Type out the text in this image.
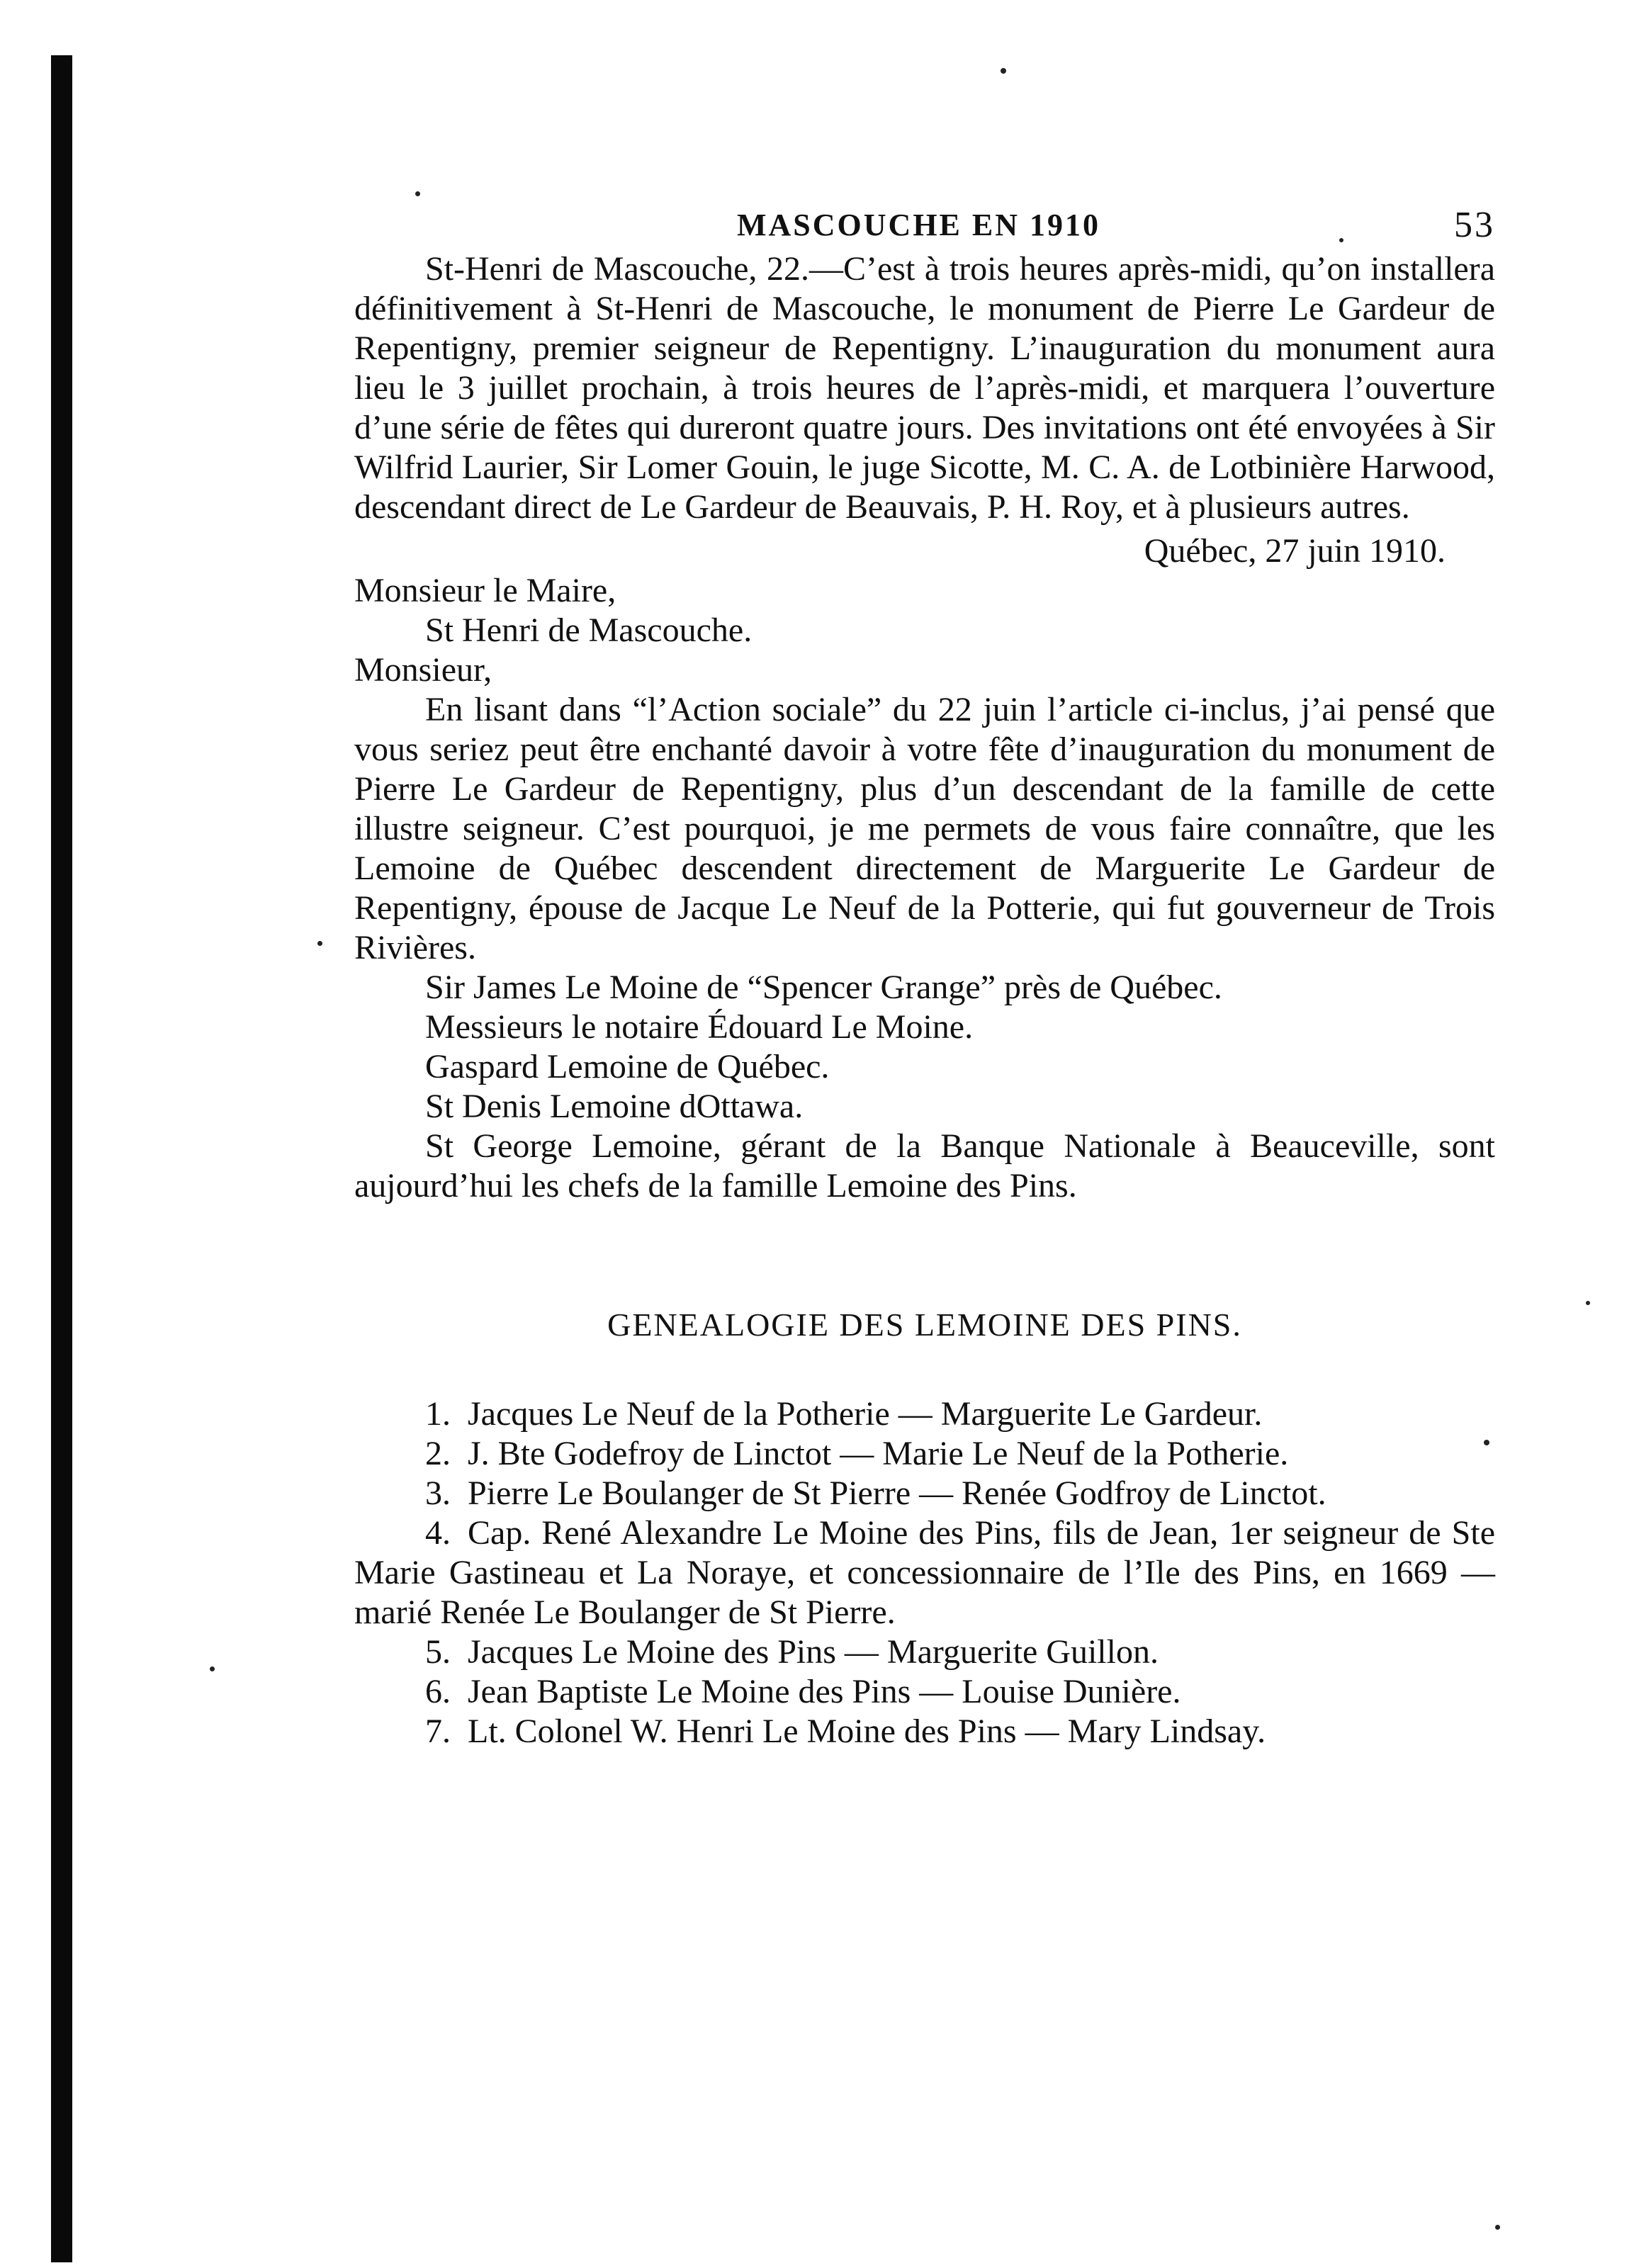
MASCOUCHE EN 1910	53

St-Henri de Mascouche, 22.—C’est à trois heures après-midi, qu’on installera définitivement à St-Henri de Mascouche, le monument de Pierre Le Gardeur de Repentigny, premier seigneur de Repentigny. L’inauguration du monument aura lieu le 3 juillet prochain, à trois heures de l’après-midi, et marquera l’ouverture d’une série de fêtes qui dureront quatre jours. Des invitations ont été envoyées à Sir Wilfrid Laurier, Sir Lomer Gouin, le juge Sicotte, M. C. A. de Lotbinière Harwood, descendant direct de Le Gardeur de Beauvais, P. H. Roy, et à plusieurs autres.

Québec, 27 juin 1910.
Monsieur le Maire,
St Henri de Mascouche.
Monsieur,

En lisant dans “l’Action sociale” du 22 juin l’article ci-inclus, j’ai pensé que vous seriez peut être enchanté davoir à votre fête d’inauguration du monument de Pierre Le Gardeur de Repentigny, plus d’un descendant de la famille de cette illustre seigneur. C’est pourquoi, je me permets de vous faire connaître, que les Lemoine de Québec descendent directement de Marguerite Le Gardeur de Repentigny, épouse de Jacque Le Neuf de la Potterie, qui fut gouverneur de Trois Rivières.

Sir James Le Moine de “Spencer Grange” près de Québec.
Messieurs le notaire Édouard Le Moine.
Gaspard Lemoine de Québec.
St Denis Lemoine dOttawa.
St George Lemoine, gérant de la Banque Nationale à Beauceville, sont aujourd’hui les chefs de la famille Lemoine des Pins.
GENEALOGIE DES LEMOINE DES PINS.

1. Jacques Le Neuf de la Potherie — Marguerite Le Gardeur.

2. J. Bte Godefroy de Linctot — Marie Le Neuf de la Potherie.

3. Pierre Le Boulanger de St Pierre — Renée Godfroy de Linctot.

4. Cap. René Alexandre Le Moine des Pins, fils de Jean, 1er seigneur de Ste Marie Gastineau et La Noraye, et concessionnaire de l’Ile des Pins, en 1669 — marié Renée Le Boulanger de St Pierre.

5. Jacques Le Moine des Pins — Marguerite Guillon.

6. Jean Baptiste Le Moine des Pins — Louise Dunière.

7. Lt. Colonel W. Henri Le Moine des Pins — Mary Lindsay.
